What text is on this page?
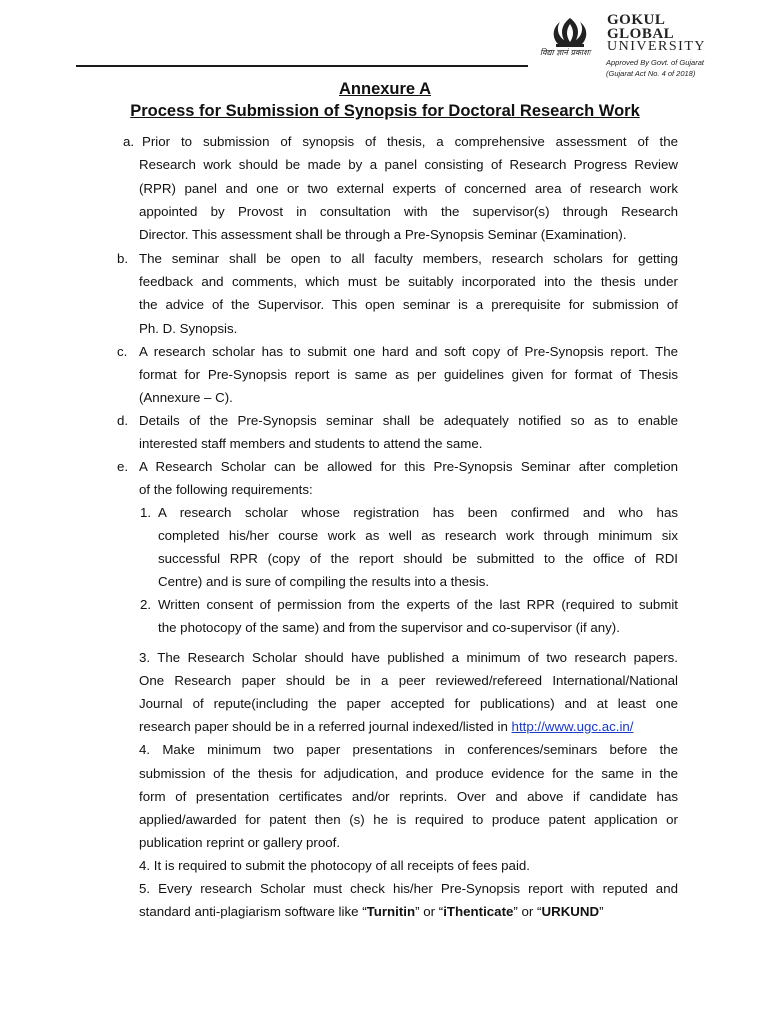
विद्या ज्ञानं प्रकाशः
GOKUL
GLOBAL
UNIVERSITY
Approved By Govt. of Gujarat
(Gujarat Act No. 4 of 2018)
Annexure A
Process for Submission of Synopsis for Doctoral Research Work
a. Prior to submission of synopsis of thesis, a comprehensive assessment of the
Research work should be made by a panel consisting of Research Progress Review
(RPR) panel and one or two external experts of concerned area of research work
appointed by Provost in consultation with the supervisor(s) through Research
Director. This assessment shall be through a Pre-Synopsis Seminar (Examination).
b. The seminar shall be open to all faculty members, research scholars for getting
feedback and comments, which must be suitably incorporated into the thesis under
the advice of the Supervisor. This open seminar is a prerequisite for submission of
Ph. D. Synopsis.
c. A research scholar has to submit one hard and soft copy of Pre-Synopsis report. The
format for Pre-Synopsis report is same as per guidelines given for format of Thesis
(Annexure – C).
d. Details of the Pre-Synopsis seminar shall be adequately notified so as to enable
interested staff members and students to attend the same.
e. A Research Scholar can be allowed for this Pre-Synopsis Seminar after completion
of the following requirements:
1. A research scholar whose registration has been confirmed and who has
completed his/her course work as well as research work through minimum six
successful RPR (copy of the report should be submitted to the office of RDI
Centre) and is sure of compiling the results into a thesis.
2. Written consent of permission from the experts of the last RPR (required to submit
the photocopy of the same) and from the supervisor and co-supervisor (if any).
3. The Research Scholar should have published a minimum of two research papers.
One Research paper should be in a peer reviewed/refereed International/National
Journal of repute(including the paper accepted for publications) and at least one
research paper should be in a referred journal indexed/listed in http://www.ugc.ac.in/
4. Make minimum two paper presentations in conferences/seminars before the
submission of the thesis for adjudication, and produce evidence for the same in the
form of presentation certificates and/or reprints. Over and above if candidate has
applied/awarded for patent then (s) he is required to produce patent application or
publication reprint or gallery proof.
4. It is required to submit the photocopy of all receipts of fees paid.
5. Every research Scholar must check his/her Pre-Synopsis report with reputed and
standard anti-plagiarism software like “Turnitin” or “iThenticate” or “URKUND”
